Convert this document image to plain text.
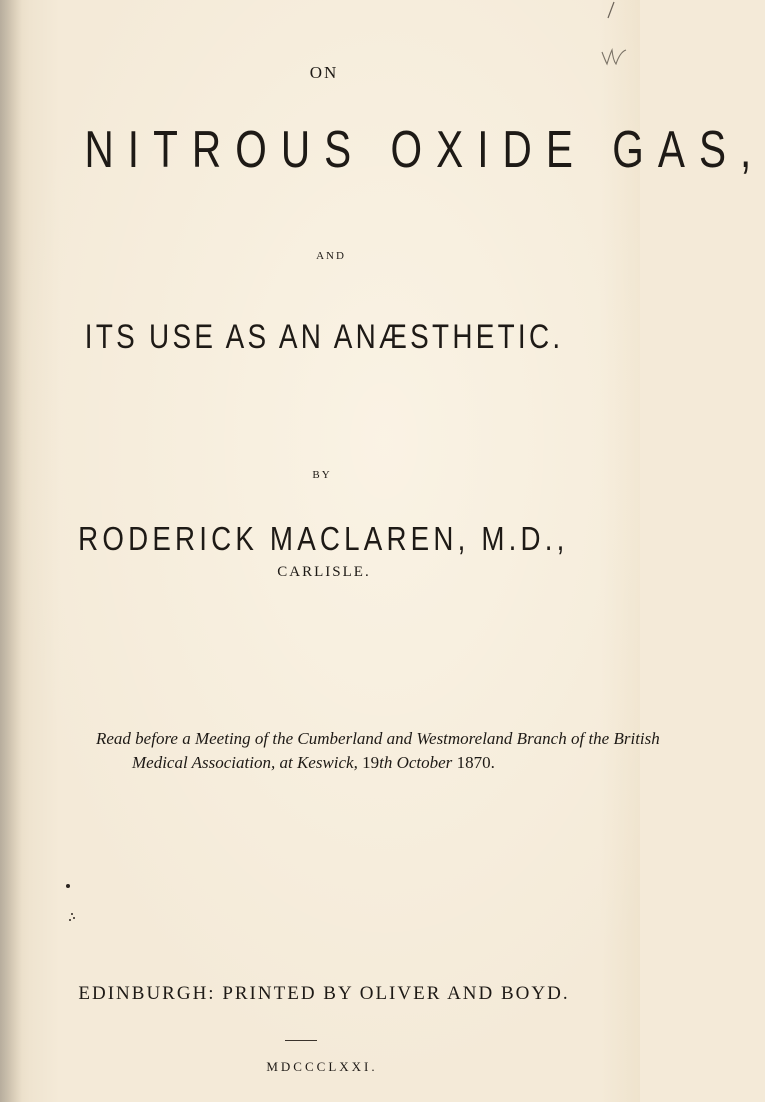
ON
NITROUS OXIDE GAS,
AND
ITS USE AS AN ANÆSTHETIC.
BY
RODERICK MACLAREN, M.D.,
CARLISLE.
Read before a Meeting of the Cumberland and Westmoreland Branch of the British
Medical Association, at Keswick, 19th October 1870.
EDINBURGH: PRINTED BY OLIVER AND BOYD.
MDCCCLXXI.
